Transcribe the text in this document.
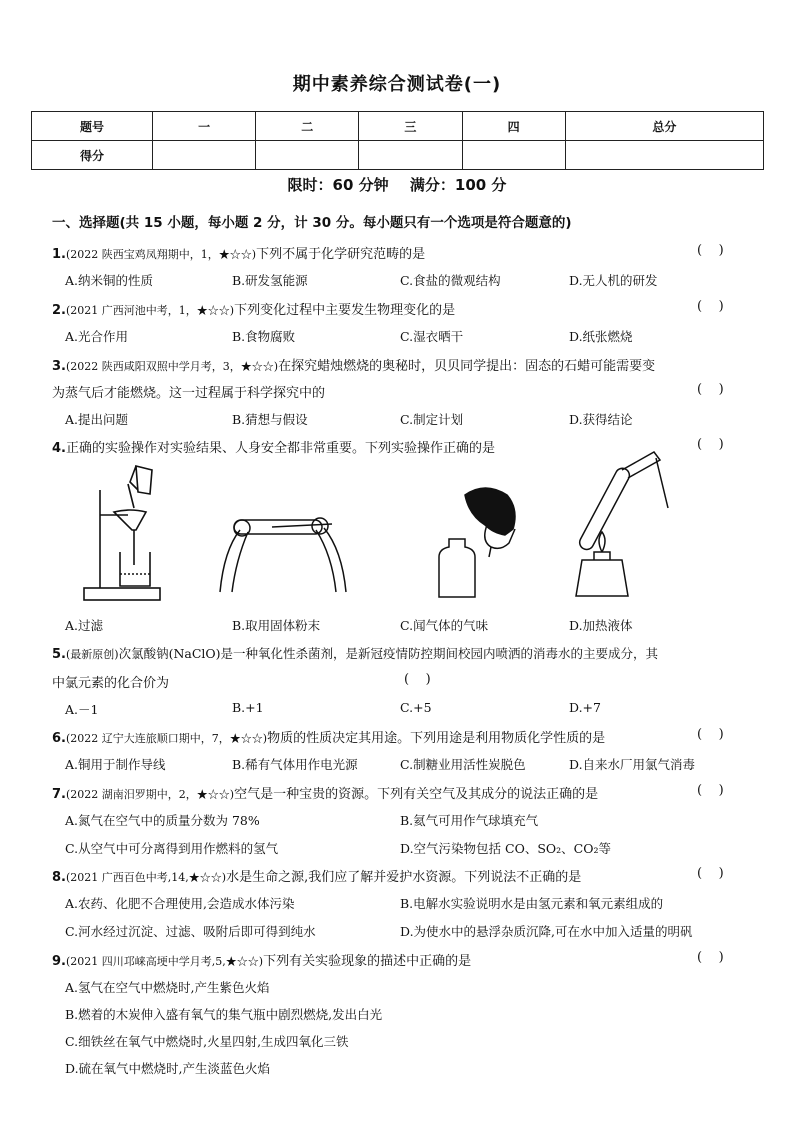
期中素养综合测试卷(一)
题号	一	二	三	四	总分
得分					
限时：60 分钟 满分：100 分
一、选择题(共 15 小题，每小题 2 分，计 30 分。每小题只有一个选项是符合题意的)
1.(2022 陕西宝鸡凤翔期中，1，★☆☆)下列不属于化学研究范畴的是	(    )
A.纳米铜的性质	B.研发氢能源	C.食盐的微观结构	D.无人机的研发
2.(2021 广西河池中考，1，★☆☆)下列变化过程中主要发生物理变化的是	(    )
A.光合作用	B.食物腐败	C.湿衣晒干	D.纸张燃烧
3.(2022 陕西咸阳双照中学月考，3，★☆☆)在探究蜡烛燃烧的奥秘时，贝贝同学提出：固态的石蜡可能需要变
为蒸气后才能燃烧。这一过程属于科学探究中的	(    )
A.提出问题	B.猜想与假设	C.制定计划	D.获得结论
4.正确的实验操作对实验结果、人身安全都非常重要。下列实验操作正确的是	(    )
A.过滤	B.取用固体粉末	C.闻气体的气味	D.加热液体
5.(最新原创)次氯酸钠(NaClO)是一种氧化性杀菌剂，是新冠疫情防控期间校园内喷洒的消毒水的主要成分，其
中氯元素的化合价为	(    )
A.－1	B.+1	C.+5	D.+7
6.(2022 辽宁大连旅顺口期中，7，★☆☆)物质的性质决定其用途。下列用途是利用物质化学性质的是	(    )
A.铜用于制作导线	B.稀有气体用作电光源	C.制糖业用活性炭脱色	D.自来水厂用氯气消毒
7.(2022 湖南汨罗期中，2，★☆☆)空气是一种宝贵的资源。下列有关空气及其成分的说法正确的是	(    )
A.氮气在空气中的质量分数为 78%	B.氦气可用作气球填充气
C.从空气中可分离得到用作燃料的氢气	D.空气污染物包括 CO、SO₂、CO₂等
8.(2021 广西百色中考,14,★☆☆)水是生命之源,我们应了解并爱护水资源。下列说法不正确的是	(    )
A.农药、化肥不合理使用,会造成水体污染	B.电解水实验说明水是由氢元素和氧元素组成的
C.河水经过沉淀、过滤、吸附后即可得到纯水	D.为使水中的悬浮杂质沉降,可在水中加入适量的明矾
9.(2021 四川邛崃高埂中学月考,5,★☆☆)下列有关实验现象的描述中正确的是	(    )
A.氢气在空气中燃烧时,产生紫色火焰
B.燃着的木炭伸入盛有氧气的集气瓶中剧烈燃烧,发出白光
C.细铁丝在氧气中燃烧时,火星四射,生成四氧化三铁
D.硫在氧气中燃烧时,产生淡蓝色火焰
